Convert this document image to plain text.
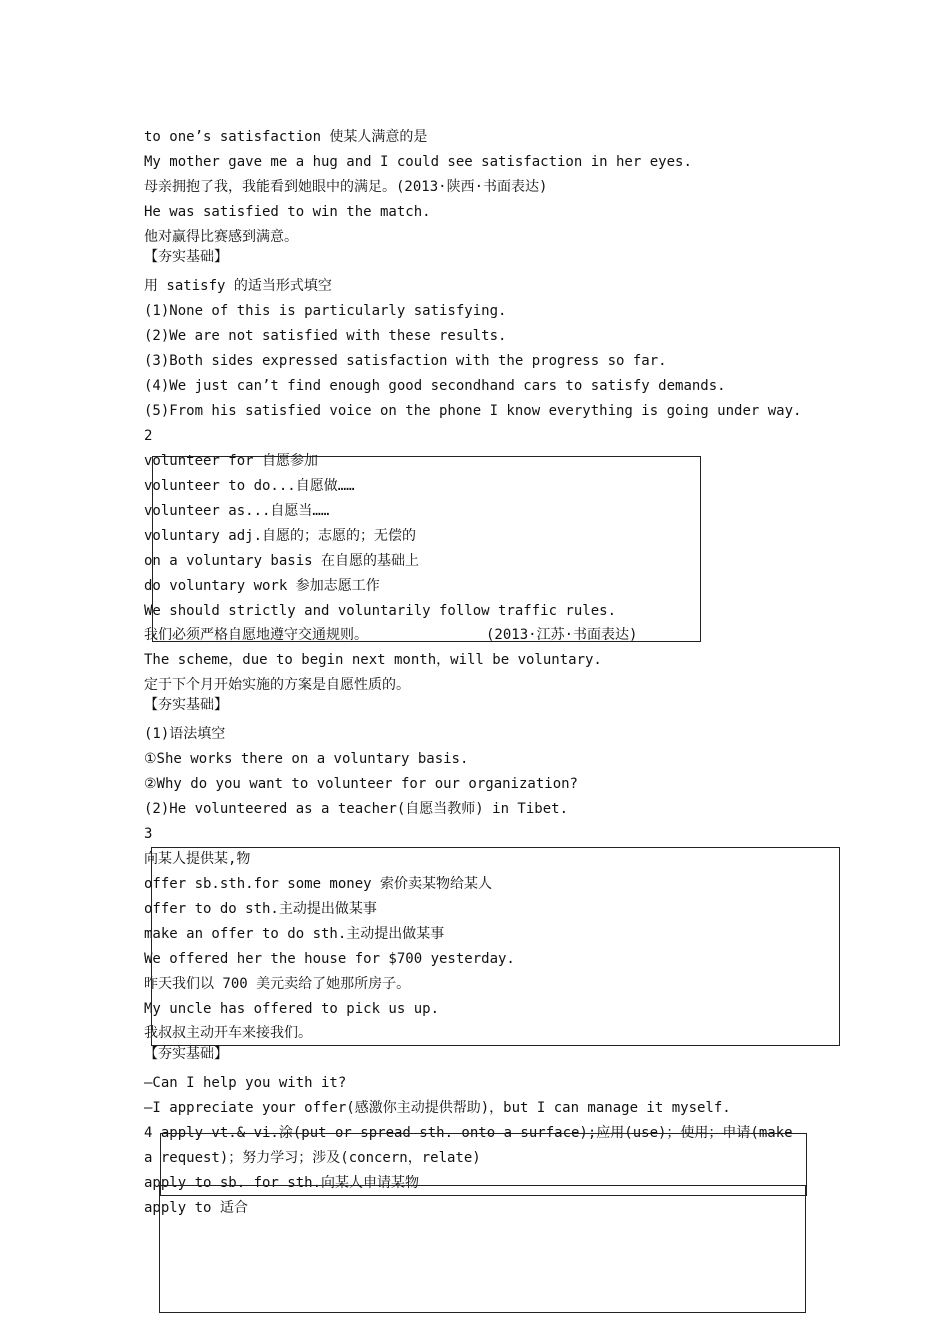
to one’s satisfaction 使某人满意的是
My mother gave me a hug and I could see satisfaction in her eyes.
母亲拥抱了我，我能看到她眼中的满足。(2013·陕西·书面表达)
He was satisfied to win the match.
他对赢得比赛感到满意。
【夯实基础】
用 satisfy 的适当形式填空
(1)None of this is particularly satisfying.
(2)We are not satisfied with these results.
(3)Both sides expressed satisfaction with the progress so far.
(4)We just can’t find enough good secondhand cars to satisfy demands.
(5)From his satisfied voice on the phone I know everything is going under way.
2
volunteer for 自愿参加
volunteer to do...自愿做……
volunteer as...自愿当……
voluntary adj.自愿的；志愿的；无偿的
on a voluntary basis 在自愿的基础上
do voluntary work 参加志愿工作
We should strictly and voluntarily follow traffic rules.
我们必须严格自愿地遵守交通规则。              (2013·江苏·书面表达)
The scheme，due to begin next month，will be voluntary.
定于下个月开始实施的方案是自愿性质的。
【夯实基础】
(1)语法填空
①She works there on a voluntary basis.
②Why do you want to volunteer for our organization?
(2)He volunteered as a teacher(自愿当教师) in Tibet.
3
向某人提供某,物
offer sb.sth.for some money 索价卖某物给某人
offer to do sth.主动提出做某事
make an offer to do sth.主动提出做某事
We offered her the house for $700 yesterday.
昨天我们以 700 美元卖给了她那所房子。
My uncle has offered to pick us up.
我叔叔主动开车来接我们。
【夯实基础】
—Can I help you with it?
—I appreciate your offer(感激你主动提供帮助)，but I can manage it myself.
4 apply vt.& vi.涂(put or spread sth. onto a surface);应用(use)；使用；申请(make
a request)；努力学习；涉及(concern，relate)
apply to sb. for sth.向某人申请某物
apply to 适合
